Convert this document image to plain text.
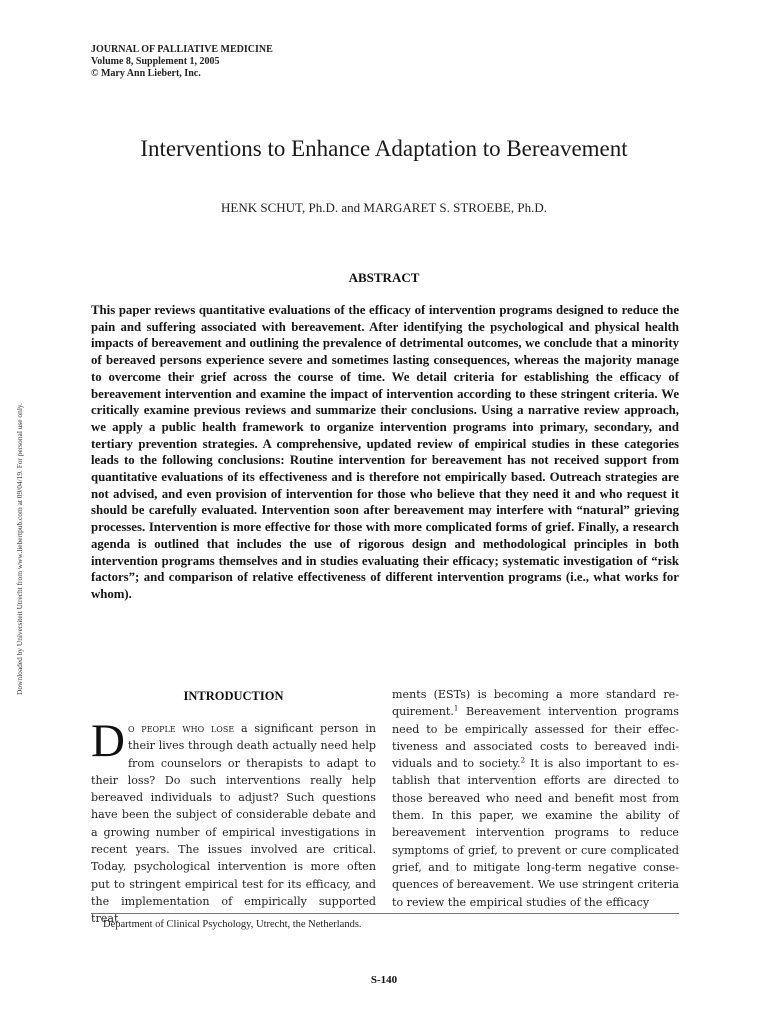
JOURNAL OF PALLIATIVE MEDICINE
Volume 8, Supplement 1, 2005
© Mary Ann Liebert, Inc.
Downloaded by Universiteit Utrecht from www.liebertpub.com at 09/04/19. For personal use only.
Interventions to Enhance Adaptation to Bereavement
HENK SCHUT, Ph.D. and MARGARET S. STROEBE, Ph.D.
ABSTRACT
This paper reviews quantitative evaluations of the efficacy of intervention programs designed to reduce the pain and suffering associated with bereavement. After identifying the psychological and physical health impacts of bereavement and outlining the prevalence of detrimental outcomes, we conclude that a minority of bereaved persons experience severe and sometimes lasting consequences, whereas the majority manage to overcome their grief across the course of time. We detail criteria for establishing the efficacy of bereavement intervention and examine the impact of intervention according to these stringent criteria. We critically examine previous reviews and summarize their conclusions. Using a narrative review approach, we apply a public health framework to organize intervention programs into primary, secondary, and tertiary prevention strategies. A comprehensive, updated review of empirical studies in these categories leads to the following conclusions: Routine intervention for bereavement has not received support from quantitative evaluations of its effectiveness and is therefore not empirically based. Outreach strategies are not advised, and even provision of intervention for those who believe that they need it and who request it should be carefully evaluated. Intervention soon after bereavement may interfere with “natural” grieving processes. Intervention is more effective for those with more complicated forms of grief. Finally, a research agenda is outlined that includes the use of rigorous design and methodological principles in both intervention programs themselves and in studies evaluating their efficacy; systematic investigation of “risk factors”; and comparison of relative effectiveness of different intervention programs (i.e., what works for whom).
INTRODUCTION

Do people who lose a significant person in their lives through death actually need help from counselors or therapists to adapt to their loss? Do such interventions really help bereaved individuals to adjust? Such questions have been the subject of considerable debate and a growing number of empirical investigations in recent years. The issues involved are critical. Today, psychological intervention is more often put to stringent empirical test for its efficacy, and the implementation of empirically supported treat

ments (ESTs) is becoming a more standard requirement.$^1$ Bereavement intervention programs need to be empirically assessed for their effectiveness and associated costs to bereaved individuals and to society.$^2$ It is also important to establish that intervention efforts are directed to those bereaved who need and benefit most from them. In this paper, we examine the ability of bereavement intervention programs to reduce symptoms of grief, to prevent or cure complicated grief, and to mitigate long-term negative consequences of bereavement. We use stringent criteria to review the empirical studies of the efficacy

Department of Clinical Psychology, Utrecht, the Netherlands.
S-140
